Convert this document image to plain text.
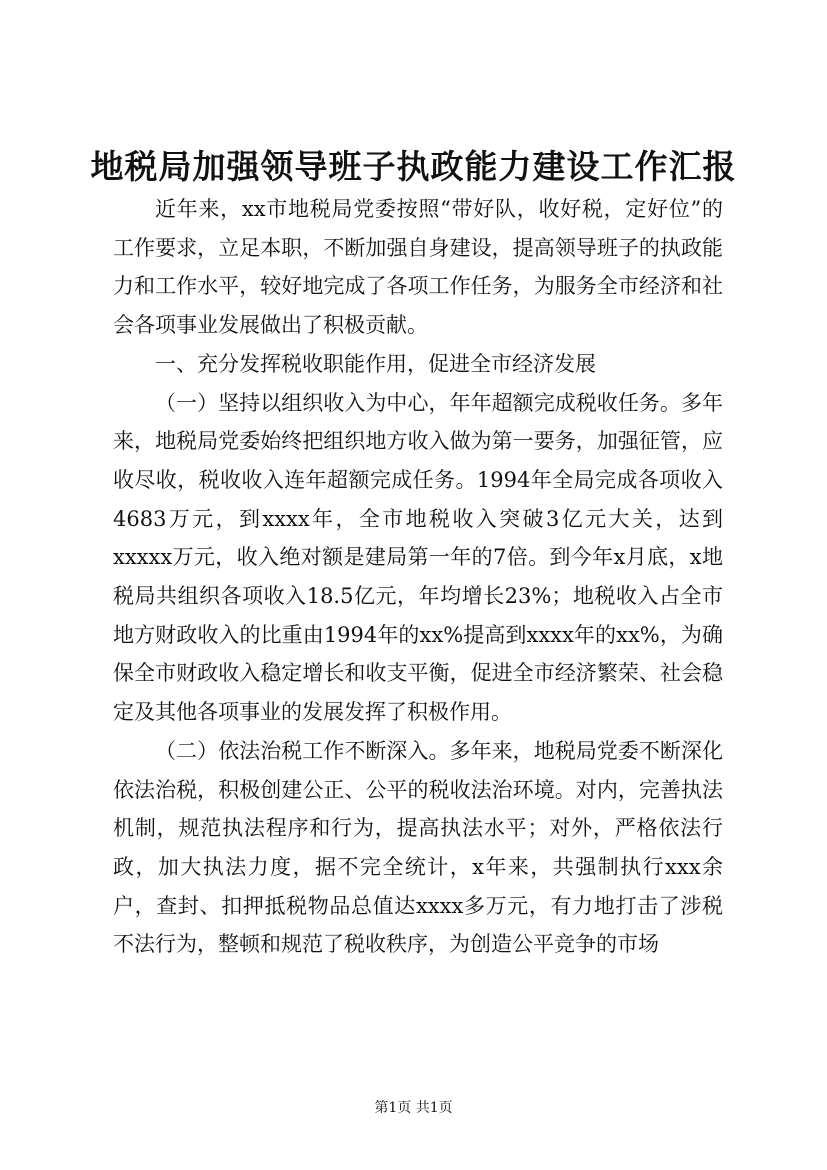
地税局加强领导班子执政能力建设工作汇报

近年来，xx市地税局党委按照“带好队，收好税，定好位”的工作要求，立足本职，不断加强自身建设，提高领导班子的执政能力和工作水平，较好地完成了各项工作任务，为服务全市经济和社会各项事业发展做出了积极贡献。

一、充分发挥税收职能作用，促进全市经济发展

（一）坚持以组织收入为中心，年年超额完成税收任务。多年来，地税局党委始终把组织地方收入做为第一要务，加强征管，应收尽收，税收收入连年超额完成任务。1994年全局完成各项收入4683万元，到xxxx年，全市地税收入突破3亿元大关，达到xxxxx万元，收入绝对额是建局第一年的7倍。到今年x月底，x地税局共组织各项收入18.5亿元，年均增长23%；地税收入占全市地方财政收入的比重由1994年的xx%提高到xxxx年的xx%，为确保全市财政收入稳定增长和收支平衡，促进全市经济繁荣、社会稳定及其他各项事业的发展发挥了积极作用。

（二）依法治税工作不断深入。多年来，地税局党委不断深化依法治税，积极创建公正、公平的税收法治环境。对内，完善执法机制，规范执法程序和行为，提高执法水平；对外，严格依法行政，加大执法力度，据不完全统计，x年来，共强制执行xxx余户，查封、扣押抵税物品总值达xxxx多万元，有力地打击了涉税不法行为，整顿和规范了税收秩序，为创造公平竞争的市场

第1页 共1页
